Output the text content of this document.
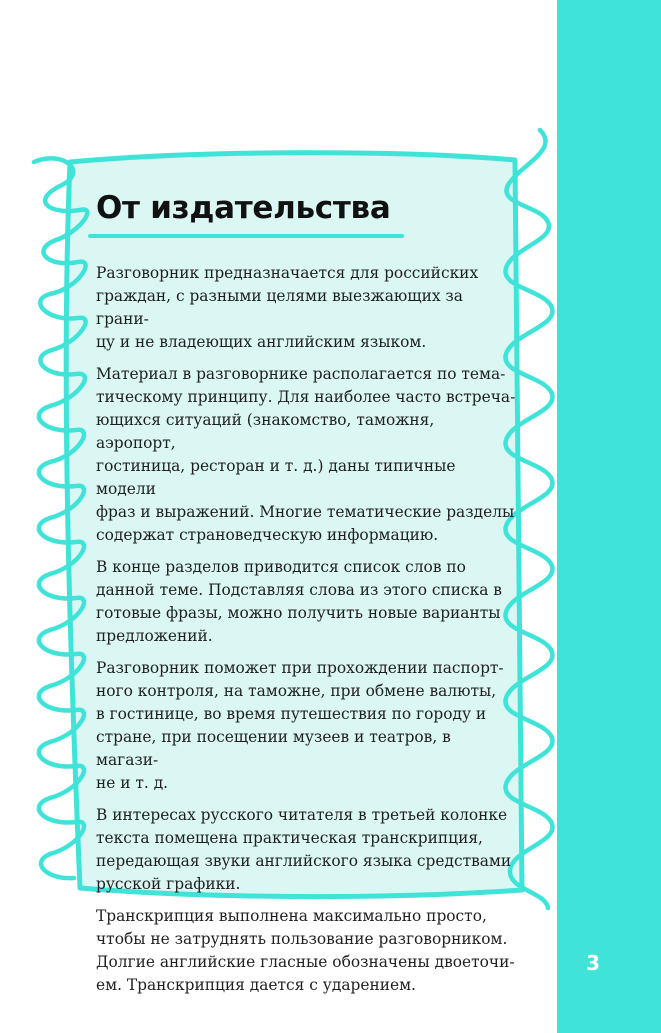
От издательства

Разговорник предназначается для российских
граждан, с разными целями выезжающих за грани-
цу и не владеющих английским языком.

Материал в разговорнике располагается по тема-
тическому принципу. Для наиболее часто встреча-
ющихся ситуаций (знакомство, таможня, аэропорт,
гостиница, ресторан и т. д.) даны типичные модели
фраз и выражений. Многие тематические разделы
содержат страноведческую информацию.

В конце разделов приводится список слов по
данной теме. Подставляя слова из этого списка в
готовые фразы, можно получить новые варианты
предложений.

Разговорник поможет при прохождении паспорт-
ного контроля, на таможне, при обмене валюты,
в гостинице, во время путешествия по городу и
стране, при посещении музеев и театров, в магази-
не и т. д.

В интересах русского читателя в третьей колонке
текста помещена практическая транскрипция,
передающая звуки английского языка средствами
русской графики.

Транскрипция выполнена максимально просто,
чтобы не затруднять пользование разговорником.
Долгие английские гласные обозначены двоеточи-
ем. Транскрипция дается с ударением.

3
